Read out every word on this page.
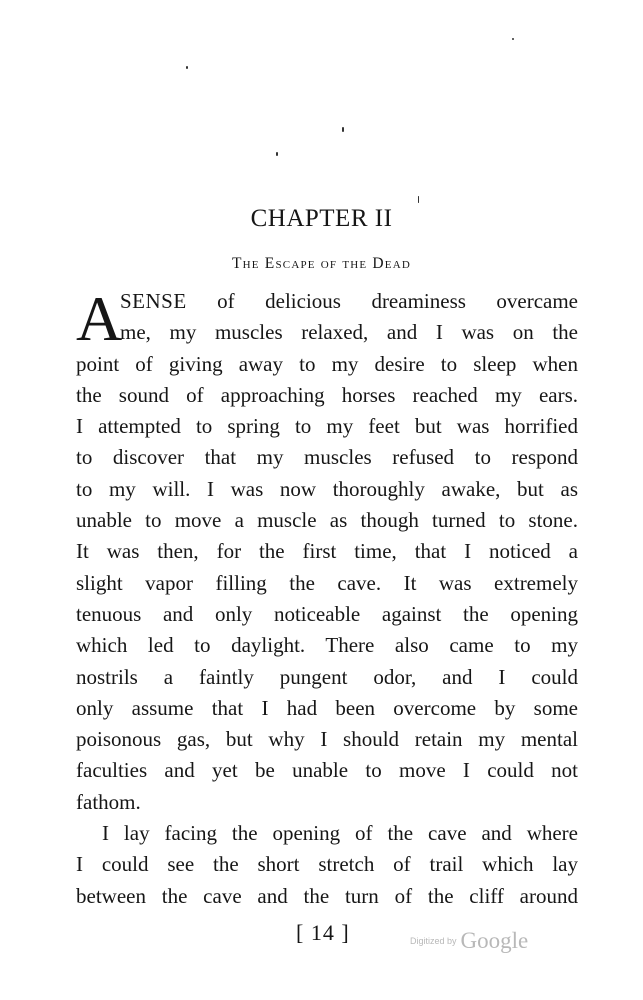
CHAPTER II
The Escape of the Dead
A
SENSE of delicious dreaminess overcame
me, my muscles relaxed, and I was on the
point of giving away to my desire to sleep when
the sound of approaching horses reached my ears.
I attempted to spring to my feet but was horrified
to discover that my muscles refused to respond
to my will. I was now thoroughly awake, but as
unable to move a muscle as though turned to stone.
It was then, for the first time, that I noticed a
slight vapor filling the cave. It was extremely
tenuous and only noticeable against the opening
which led to daylight. There also came to my
nostrils a faintly pungent odor, and I could
only assume that I had been overcome by some
poisonous gas, but why I should retain my mental
faculties and yet be unable to move I could not
fathom.
I lay facing the opening of the cave and where
I could see the short stretch of trail which lay
between the cave and the turn of the cliff around
[ 14 ]	Digitized by Google
